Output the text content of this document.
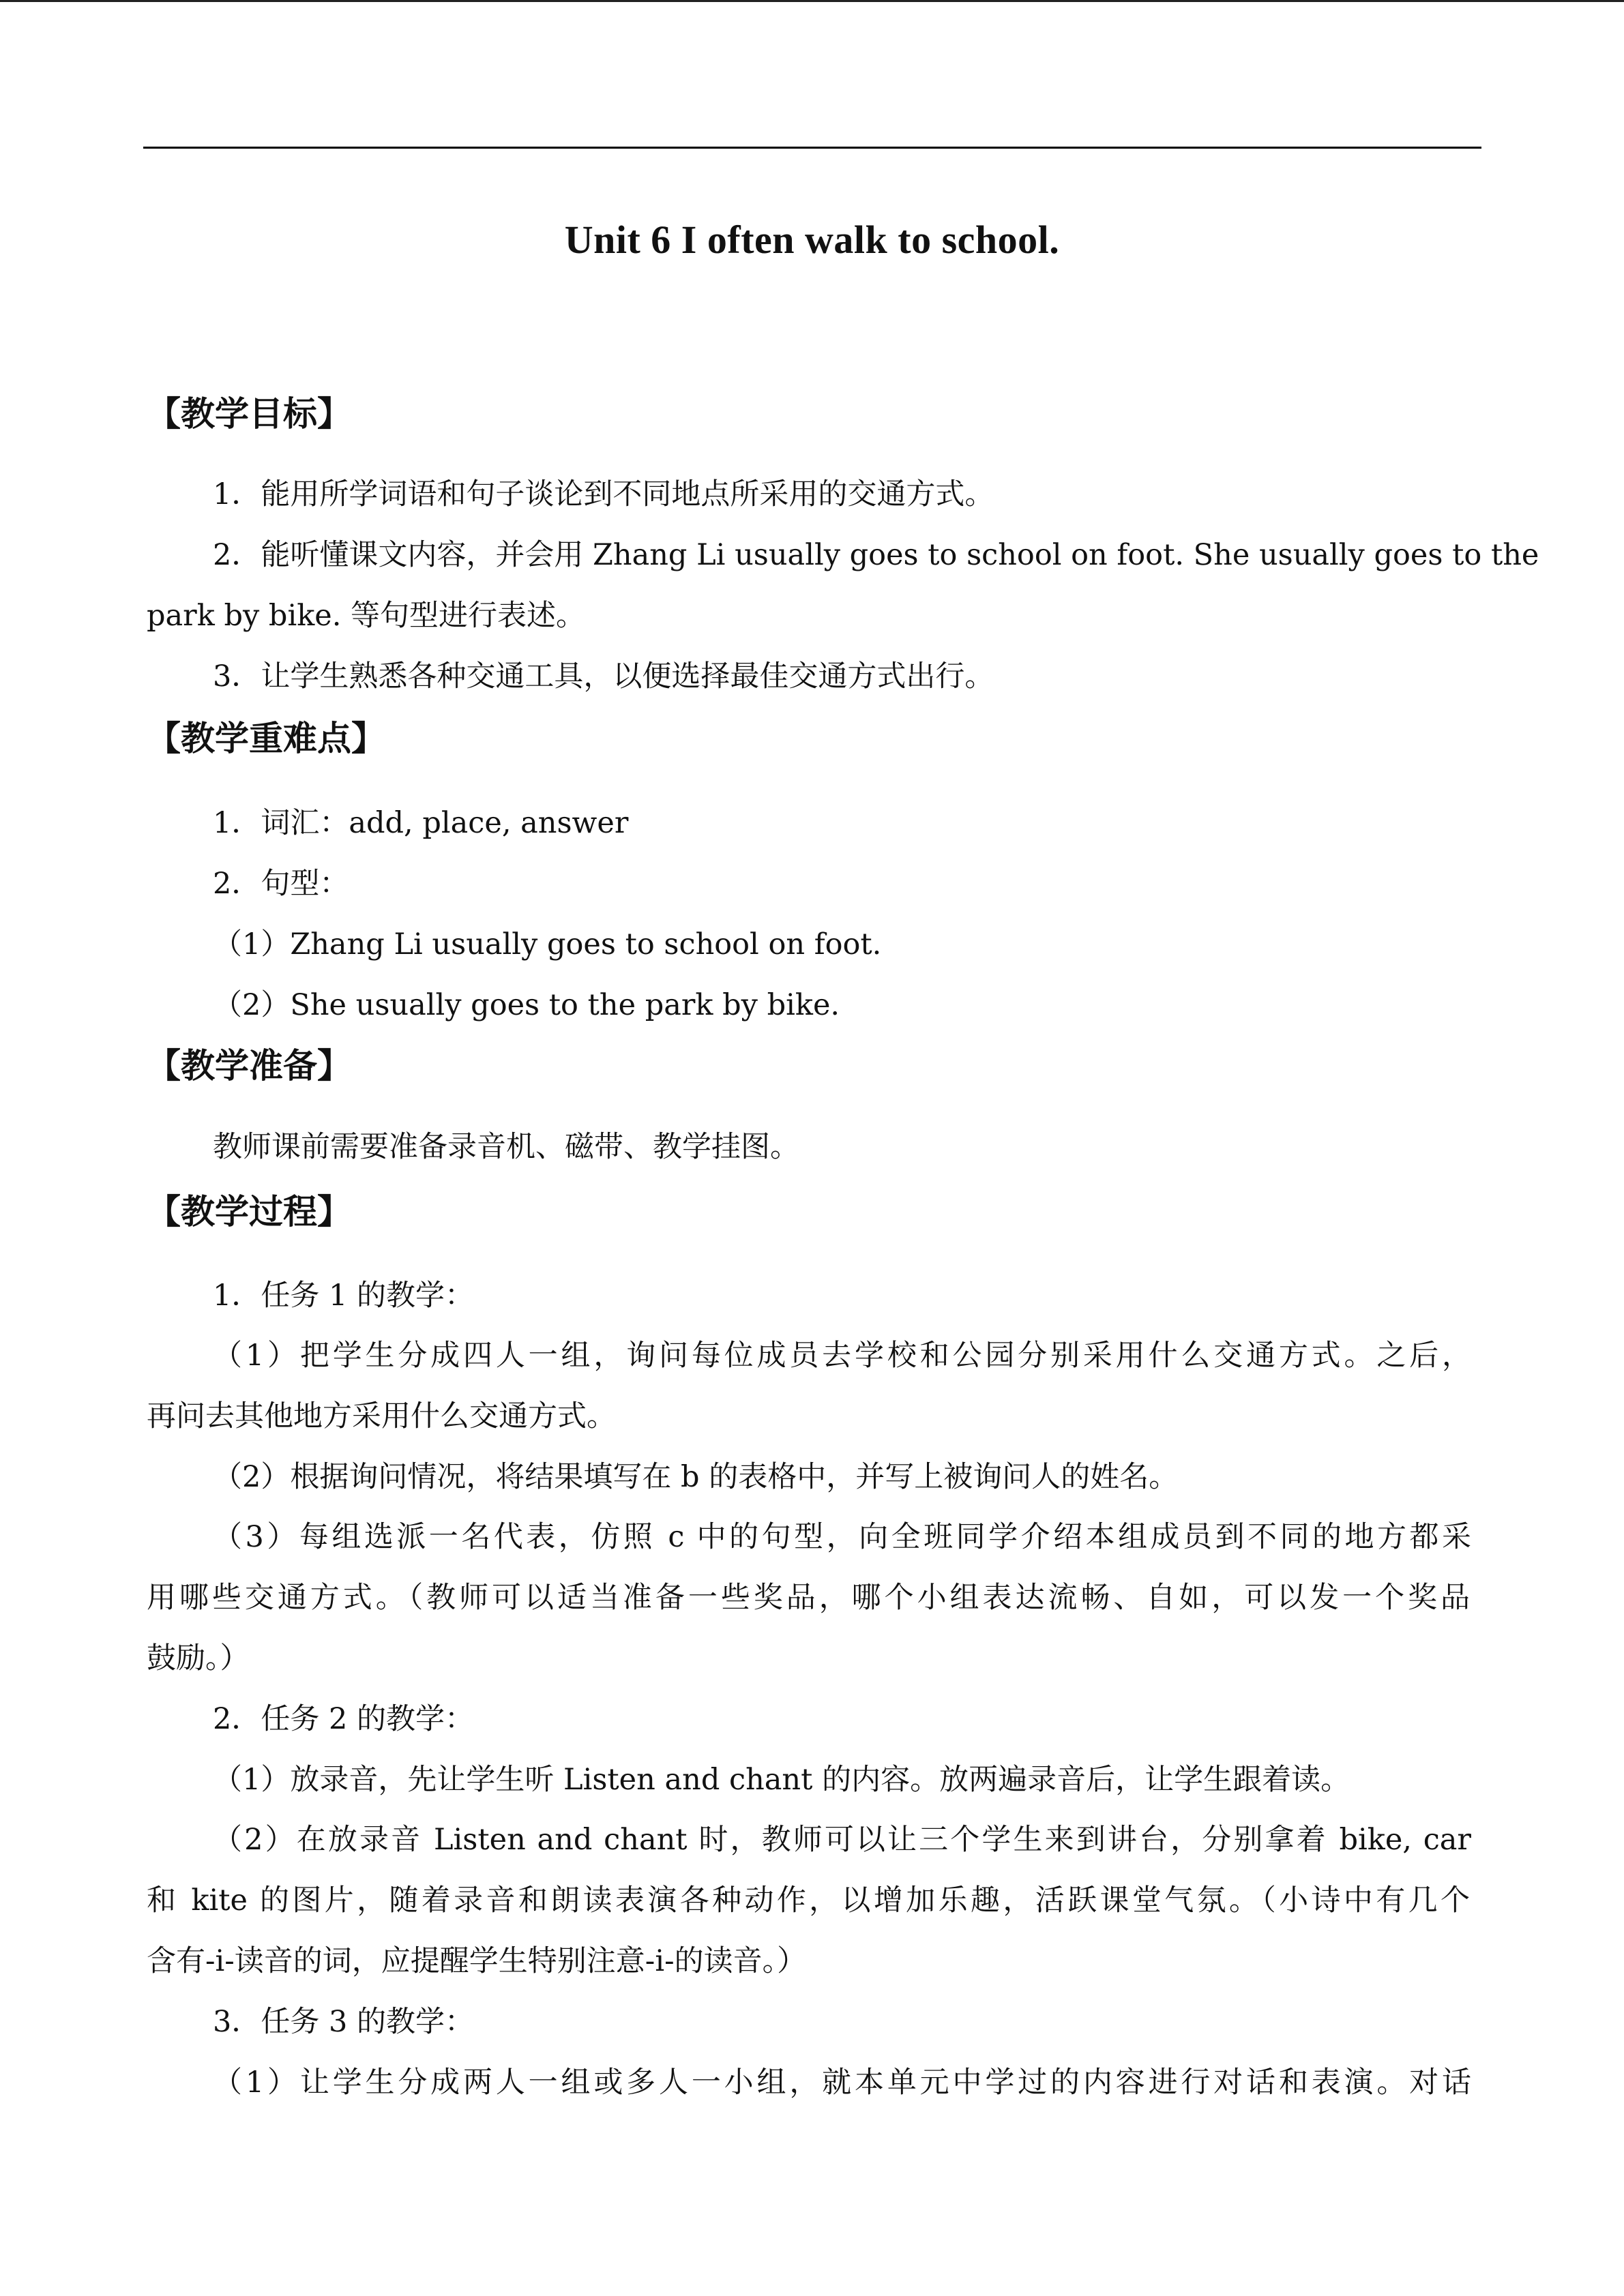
Unit 6 I often walk to school.
【教学目标】
1．能用所学词语和句子谈论到不同地点所采用的交通方式。
2．能听懂课文内容，并会用 Zhang Li usually goes to school on foot. She usually goes to the
park by bike. 等句型进行表述。
3．让学生熟悉各种交通工具，以便选择最佳交通方式出行。
【教学重难点】
1．词汇：add, place, answer
2．句型：
（1）Zhang Li usually goes to school on foot.
（2）She usually goes to the park by bike.
【教学准备】
教师课前需要准备录音机、磁带、教学挂图。
【教学过程】
1．任务 1 的教学：
（1）把学生分成四人一组，询问每位成员去学校和公园分别采用什么交通方式。之后，
再问去其他地方采用什么交通方式。
（2）根据询问情况，将结果填写在 b 的表格中，并写上被询问人的姓名。
（3）每组选派一名代表，仿照 c 中的句型，向全班同学介绍本组成员到不同的地方都采
用哪些交通方式。（教师可以适当准备一些奖品，哪个小组表达流畅、自如，可以发一个奖品
鼓励。）
2．任务 2 的教学：
（1）放录音，先让学生听 Listen and chant 的内容。放两遍录音后，让学生跟着读。
（2）在放录音 Listen and chant 时，教师可以让三个学生来到讲台，分别拿着 bike, car
和 kite 的图片，随着录音和朗读表演各种动作，以增加乐趣，活跃课堂气氛。（小诗中有几个
含有-i-读音的词，应提醒学生特别注意-i-的读音。）
3．任务 3 的教学：
（1）让学生分成两人一组或多人一小组，就本单元中学过的内容进行对话和表演。对话
